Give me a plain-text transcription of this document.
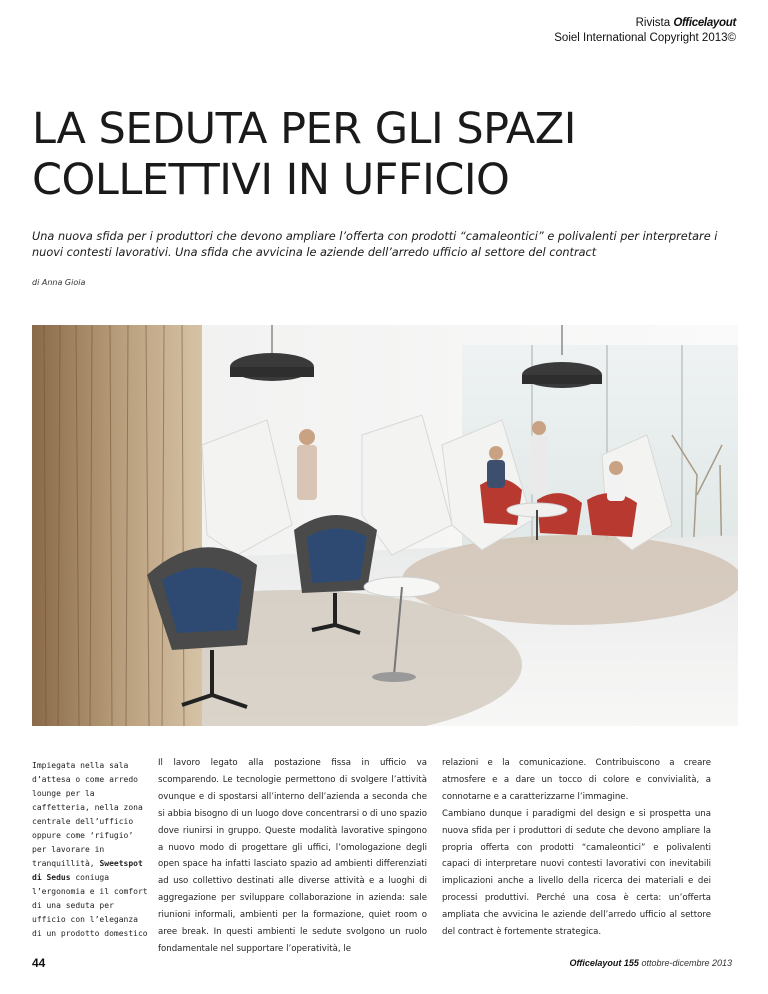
Rivista Officelayout
Soiel International Copyright 2013©
LA SEDUTA PER GLI SPAZI
COLLETTIVI IN UFFICIO

Una nuova sfida per i produttori che devono ampliare l’offerta con prodotti “camaleontici” e polivalenti per interpretare i nuovi contesti lavorativi. Una sfida che avvicina le aziende dell’arredo ufficio al settore del contract

di Anna Gioia
Impiegata nella sala d’attesa o come arredo lounge per la caffetteria, nella zona centrale dell’ufficio oppure come ‘rifugio’ per lavorare in tranquillità, Sweetspot di Sedus coniuga l’ergonomia e il comfort di una seduta per ufficio con l’eleganza di un prodotto domestico

Il lavoro legato alla postazione fissa in ufficio va scomparendo. Le tecnologie permettono di svolgere l’attività ovunque e di spostarsi all’interno dell’azienda a seconda che si abbia bisogno di un luogo dove concentrarsi o di uno spazio dove riunirsi in gruppo. Queste modalità lavorative spingono a nuovo modo di progettare gli uffici, l’omologazione degli open space ha infatti lasciato spazio ad ambienti differenziati ad uso collettivo destinati alle diverse attività e a luoghi di aggregazione per sviluppare collaborazione in azienda: sale riunioni informali, ambienti per la formazione, quiet room o aree break. In questi ambienti le sedute svolgono un ruolo fondamentale nel supportare l’operatività, le

relazioni e la comunicazione. Contribuiscono a creare atmosfere e a dare un tocco di colore e convivialità, a connotarne e a caratterizzarne l’immagine.

Cambiano dunque i paradigmi del design e si prospetta una nuova sfida per i produttori di sedute che devono ampliare la propria offerta con prodotti “camaleontici” e polivalenti capaci di interpretare nuovi contesti lavorativi con inevitabili implicazioni anche a livello della ricerca dei materiali e dei processi produttivi. Perché una cosa è certa: un’offerta ampliata che avvicina le aziende dell’arredo ufficio al settore del contract è fortemente strategica.

44	Officelayout 155 ottobre-dicembre 2013
